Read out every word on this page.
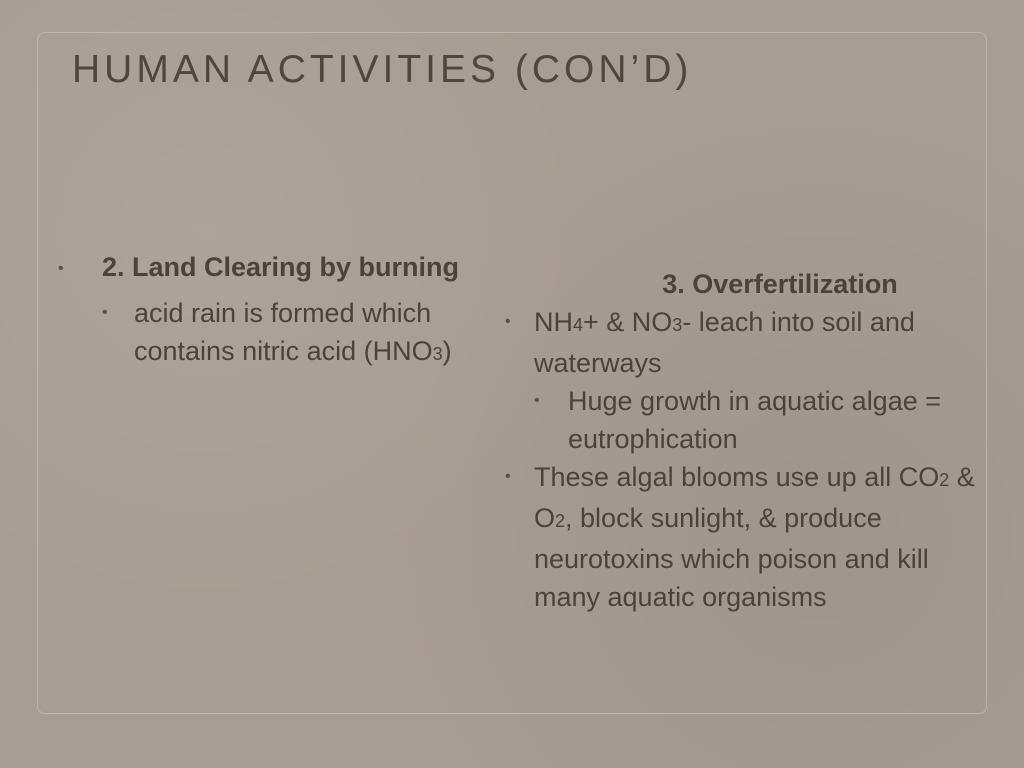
HUMAN ACTIVITIES (CON’D)
• 2. Land Clearing by burning
• acid rain is formed which contains nitric acid (HNO3)
3. Overfertilization
• NH4+ & NO3- leach into soil and waterways
• Huge growth in aquatic algae = eutrophication
• These algal blooms use up all CO2 & O2, block sunlight, & produce neurotoxins which poison and kill many aquatic organisms
